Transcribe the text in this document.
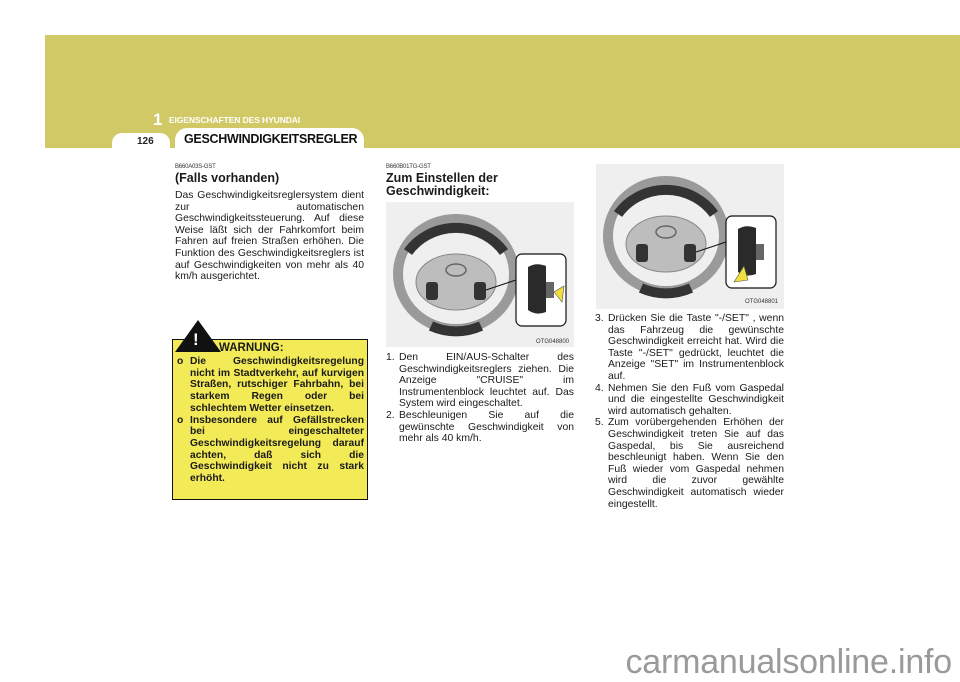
1 EIGENSCHAFTEN DES HYUNDAI
126 GESCHWINDIGKEITSREGLER
B660A03S-GST
(Falls vorhanden)
Das Geschwindigkeitsreglersystem dient zur automatischen Geschwindigkeitssteuerung. Auf diese Weise läßt sich der Fahrkomfort beim Fahren auf freien Straßen erhöhen. Die Funktion des Geschwindigkeitsreglers ist auf Geschwindigkeiten von mehr als 40 km/h ausgerichtet.
! WARNUNG:
o Die Geschwindigkeitsregelung nicht im Stadtverkehr, auf kurvigen Straßen, rutschiger Fahrbahn, bei starkem Regen oder bei schlechtem Wetter einsetzen.
o Insbesondere auf Gefällstrecken bei eingeschalteter Geschwindigkeitsregelung darauf achten, daß sich die Geschwindigkeit nicht zu stark erhöht.
B660B01TG-GST
Zum Einstellen der
Geschwindigkeit:
OTG048800
1. Den EIN/AUS-Schalter des Geschwindigkeitsreglers ziehen. Die Anzeige "CRUISE" im Instrumentenblock leuchtet auf. Das System wird eingeschaltet.
2. Beschleunigen Sie auf die gewünschte Geschwindigkeit von mehr als 40 km/h.
OTG048801
3. Drücken Sie die Taste "-/SET" , wenn das Fahrzeug die gewünschte Geschwindigkeit erreicht hat. Wird die Taste "-/SET" gedrückt, leuchtet die Anzeige "SET" im Instrumentenblock auf.
4. Nehmen Sie den Fuß vom Gaspedal und die eingestellte Geschwindigkeit wird automatisch gehalten.
5. Zum vorübergehenden Erhöhen der Geschwindigkeit treten Sie auf das Gaspedal, bis Sie ausreichend beschleunigt haben. Wenn Sie den Fuß wieder vom Gaspedal nehmen wird die zuvor gewählte Geschwindigkeit automatisch wieder eingestellt.
carmanualsonline.info
